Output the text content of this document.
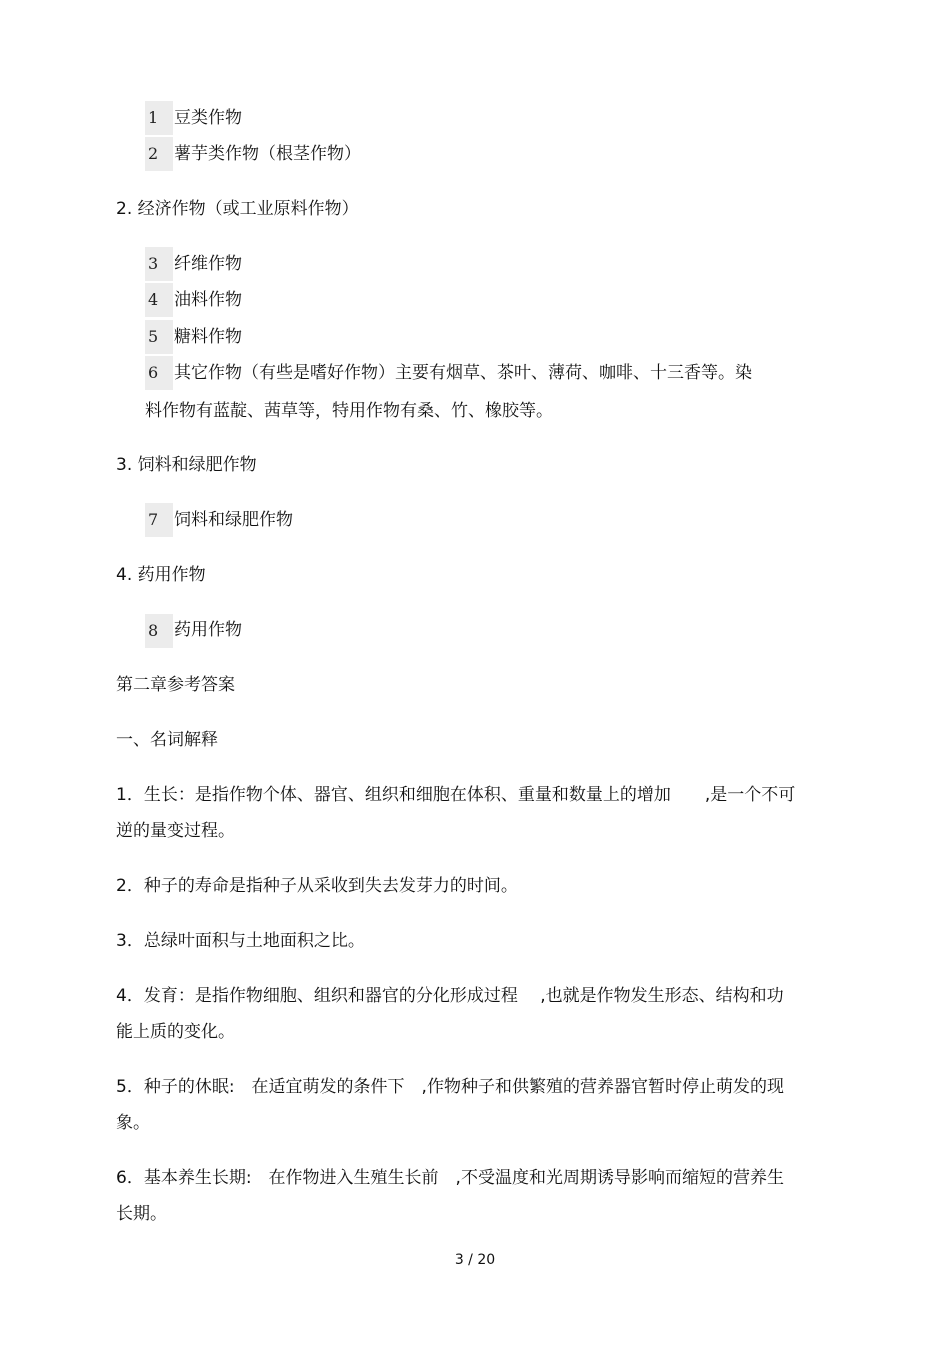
1 豆类作物
2 薯芋类作物（根茎作物）
2. 经济作物（或工业原料作物）
3 纤维作物
4 油料作物
5 糖料作物
6 其它作物（有些是嗜好作物）主要有烟草、茶叶、薄荷、咖啡、十三香等。染
料作物有蓝靛、茜草等，特用作物有桑、竹、橡胶等。
3. 饲料和绿肥作物
7 饲料和绿肥作物
4. 药用作物
8 药用作物
第二章参考答案
一、名词解释
1．生长：是指作物个体、器官、组织和细胞在体积、重量和数量上的增加　　,是一个不可
逆的量变过程。
2．种子的寿命是指种子从采收到失去发芽力的时间。
3．总绿叶面积与土地面积之比。
4．发育：是指作物细胞、组织和器官的分化形成过程　 ,也就是作物发生形态、结构和功
能上质的变化。
5．种子的休眠:　在适宜萌发的条件下　,作物种子和供繁殖的营养器官暂时停止萌发的现
象。
6．基本养生长期:　在作物进入生殖生长前　,不受温度和光周期诱导影响而缩短的营养生
长期。
3 / 20
